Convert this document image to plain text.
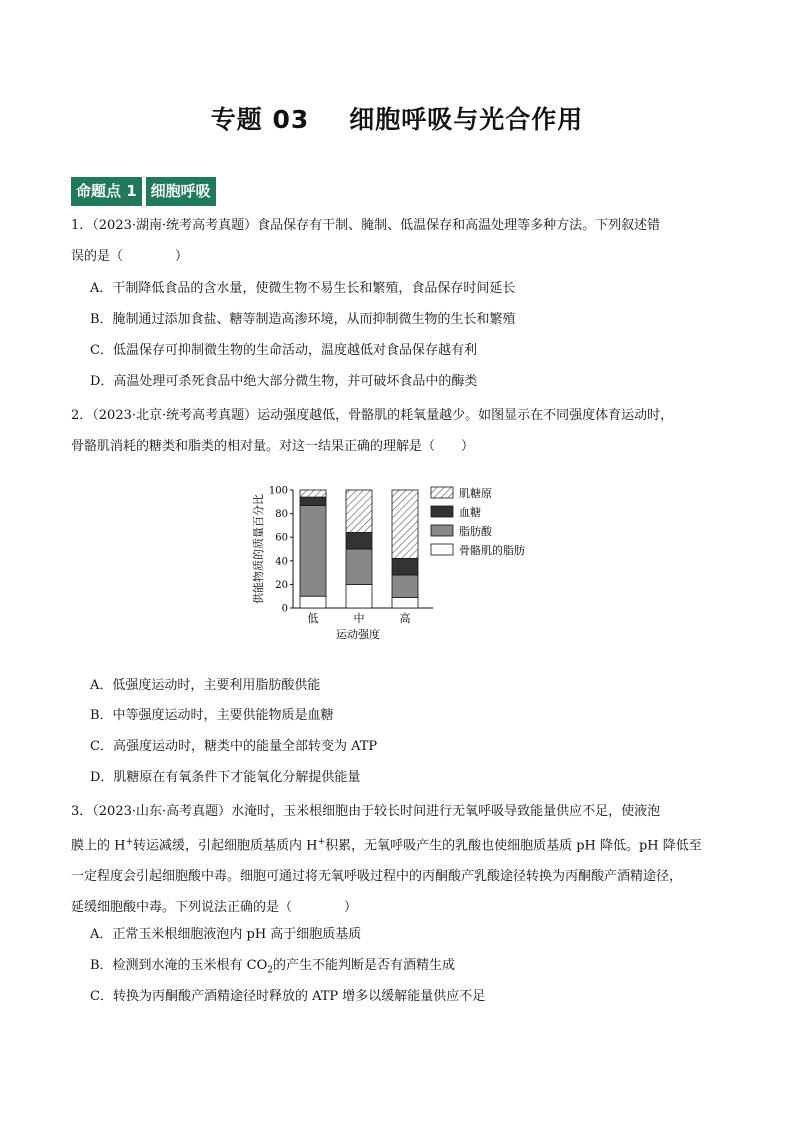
专题 03 细胞呼吸与光合作用
命题点 1 细胞呼吸
1．（2023·湖南·统考高考真题）食品保存有干制、腌制、低温保存和高温处理等多种方法。下列叙述错
误的是（　　　　）
A．干制降低食品的含水量，使微生物不易生长和繁殖，食品保存时间延长
B．腌制通过添加食盐、糖等制造高渗环境，从而抑制微生物的生长和繁殖
C．低温保存可抑制微生物的生命活动，温度越低对食品保存越有利
D．高温处理可杀死食品中绝大部分微生物，并可破坏食品中的酶类
2．（2023·北京·统考高考真题）运动强度越低，骨骼肌的耗氧量越少。如图显示在不同强度体育运动时，
骨骼肌消耗的糖类和脂类的相对量。对这一结果正确的理解是（　　）
0
20
40
60
80
100
低	中	高
运动强度
供能物质的质量百分比
肌糖原
血糖
脂肪酸
骨骼肌的脂肪
A．低强度运动时，主要利用脂肪酸供能
B．中等强度运动时，主要供能物质是血糖
C．高强度运动时，糖类中的能量全部转变为 ATP
D．肌糖原在有氧条件下才能氧化分解提供能量
3．（2023·山东·高考真题）水淹时，玉米根细胞由于较长时间进行无氧呼吸导致能量供应不足，使液泡
膜上的 H+转运减缓，引起细胞质基质内 H+积累，无氧呼吸产生的乳酸也使细胞质基质 pH 降低。pH 降低至
一定程度会引起细胞酸中毒。细胞可通过将无氧呼吸过程中的丙酮酸产乳酸途径转换为丙酮酸产酒精途径，
延缓细胞酸中毒。下列说法正确的是（　　　　）
A．正常玉米根细胞液泡内 pH 高于细胞质基质
B．检测到水淹的玉米根有 $CO_2$的产生不能判断是否有酒精生成
C．转换为丙酮酸产酒精途径时释放的 ATP 增多以缓解能量供应不足
